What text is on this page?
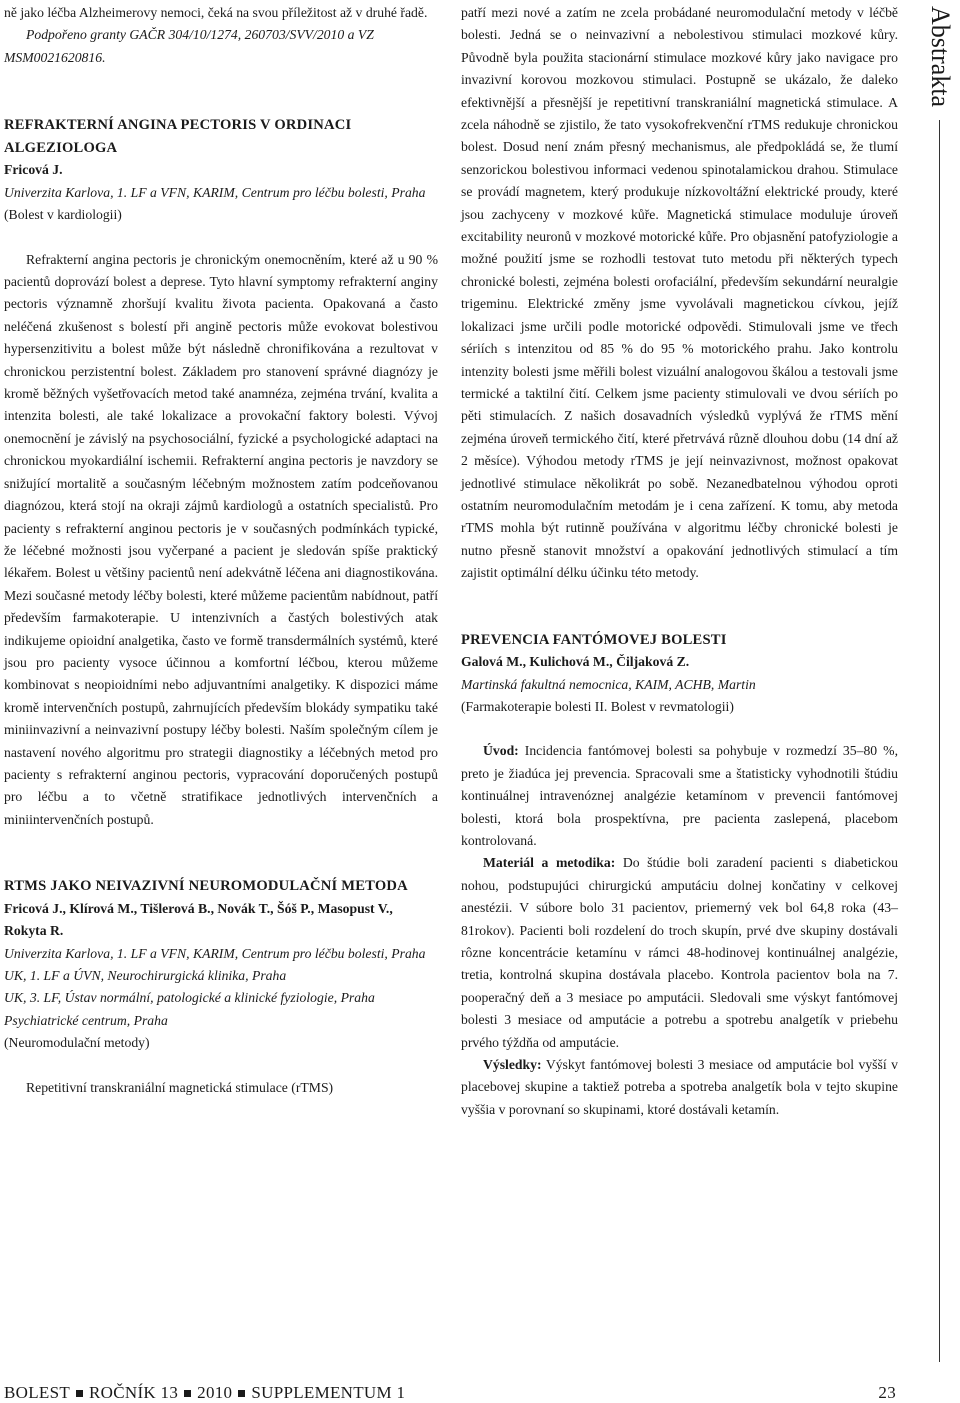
ně jako léčba Alzheimerovy nemoci, čeká na svou příležitost až v druhé řadě.

Podpořeno granty GAČR 304/10/1274, 260703/SVV/2010 a VZ MSM0021620816.

REFRAKTERNÍ ANGINA PECTORIS V ORDINACI ALGEZIOLOGA

Fricová J.

Univerzita Karlova, 1. LF a VFN, KARIM, Centrum pro léčbu bolesti, Praha

(Bolest v kardiologii)

Refrakterní angina pectoris je chronickým onemocněním, které až u 90 % pacientů doprovází bolest a deprese. Tyto hlavní symptomy refrakterní anginy pectoris významně zhoršují kvalitu života pacienta. Opakovaná a často neléčená zkušenost s bolestí při angině pectoris může evokovat bolestivou hypersenzitivitu a bolest může být následně chronifikována a rezultovat v chronickou perzistentní bolest. Základem pro stanovení správné diagnózy je kromě běžných vyšetřovacích metod také anamnéza, zejména trvání, kvalita a intenzita bolesti, ale také lokalizace a provokační faktory bolesti. Vývoj onemocnění je závislý na psychosociální, fyzické a psychologické adaptaci na chronickou myokardiální ischemii. Refrakterní angina pectoris je navzdory se snižující mortalitě a současným léčebným možnostem zatím podceňovanou diagnózou, která stojí na okraji zájmů kardiologů a ostatních specialistů. Pro pacienty s refrakterní anginou pectoris je v současných podmínkách typické, že léčebné možnosti jsou vyčerpané a pacient je sledován spíše praktický lékařem. Bolest u většiny pacientů není adekvátně léčena ani diagnostikována. Mezi současné metody léčby bolesti, které můžeme pacientům nabídnout, patří především farmakoterapie. U intenzivních a častých bolestivých atak indikujeme opioidní analgetika, často ve formě transdermálních systémů, které jsou pro pacienty vysoce účinnou a komfortní léčbou, kterou můžeme kombinovat s neopioidními nebo adjuvantními analgetiky. K dispozici máme kromě intervenčních postupů, zahrnujících především blokády sympatiku také miniinvazivní a neinvazivní postupy léčby bolesti. Naším společným cílem je nastavení nového algoritmu pro strategii diagnostiky a léčebných metod pro pacienty s refrakterní anginou pectoris, vypracování doporučených postupů pro léčbu a to včetně stratifikace jednotlivých intervenčních a miniintervenčních postupů.

RTMS JAKO NEIVAZIVNÍ NEUROMODULAČNÍ METODA

Fricová J., Klírová M., Tišlerová B., Novák T., Šóš P., Masopust V., Rokyta R.

Univerzita Karlova, 1. LF a VFN, KARIM, Centrum pro léčbu bolesti, Praha

UK, 1. LF a ÚVN, Neurochirurgická klinika, Praha

UK, 3. LF, Ústav normální, patologické a klinické fyziologie, Praha

Psychiatrické centrum, Praha

(Neuromodulační metody)

Repetitivní transkraniální magnetická stimulace (rTMS)

patří mezi nové a zatím ne zcela probádané neuromodulační metody v léčbě bolesti. Jedná se o neinvazivní a nebolestivou stimulaci mozkové kůry. Původně byla použita stacionární stimulace mozkové kůry jako navigace pro invazivní korovou mozkovou stimulaci. Postupně se ukázalo, že daleko efektivnější a přesnější je repetitivní transkraniální magnetická stimulace. A zcela náhodně se zjistilo, že tato vysokofrekvenční rTMS redukuje chronickou bolest. Dosud není znám přesný mechanismus, ale předpokládá se, že tlumí senzorickou bolestivou informaci vedenou spinotalamickou drahou. Stimulace se provádí magnetem, který produkuje nízkovoltážní elektrické proudy, které jsou zachyceny v mozkové kůře. Magnetická stimulace moduluje úroveň excitability neuronů v mozkové motorické kůře. Pro objasnění patofyziologie a možné použití jsme se rozhodli testovat tuto metodu při některých typech chronické bolesti, zejména bolesti orofaciální, především sekundární neuralgie trigeminu. Elektrické změny jsme vyvolávali magnetickou cívkou, jejíž lokalizaci jsme určili podle motorické odpovědi. Stimulovali jsme ve třech sériích s intenzitou od 85 % do 95 % motorického prahu. Jako kontrolu intenzity bolesti jsme měřili bolest vizuální analogovou škálou a testovali jsme termické a taktilní čití. Celkem jsme pacienty stimulovali ve dvou sériích po pěti stimulacích. Z našich dosavadních výsledků vyplývá že rTMS mění zejména úroveň termického čití, které přetrvává různě dlouhou dobu (14 dní až 2 měsíce). Výhodou metody rTMS je její neinvazivnost, možnost opakovat jednotlivé stimulace několikrát po sobě. Nezanedbatelnou výhodou oproti ostatním neuromodulačním metodám je i cena zařízení. K tomu, aby metoda rTMS mohla být rutinně používána v algoritmu léčby chronické bolesti je nutno přesně stanovit množství a opakování jednotlivých stimulací a tím zajistit optimální délku účinku této metody.

PREVENCIA FANTÓMOVEJ BOLESTI

Galová M., Kulichová M., Čiljaková Z.

Martinská fakultná nemocnica, KAIM, ACHB, Martin

(Farmakoterapie bolesti II. Bolest v revmatologii)

Úvod: Incidencia fantómovej bolesti sa pohybuje v rozmedzí 35–80 %, preto je žiadúca jej prevencia. Spracovali sme a štatisticky vyhodnotili štúdiu kontinuálnej intravenóznej analgézie ketamínom v prevencii fantómovej bolesti, ktorá bola prospektívna, pre pacienta zaslepená, placebom kontrolovaná.

Materiál a metodika: Do štúdie boli zaradení pacienti s diabetickou nohou, podstupujúci chirurgickú amputáciu dolnej končatiny v celkovej anestézii. V súbore bolo 31 pacientov, priemerný vek bol 64,8 roka (43–81rokov). Pacienti boli rozdelení do troch skupín, prvé dve skupiny dostávali rôzne koncentrácie ketamínu v rámci 48-hodinovej kontinuálnej analgézie, tretia, kontrolná skupina dostávala placebo. Kontrola pacientov bola na 7. pooperačný deň a 3 mesiace po amputácii. Sledovali sme výskyt fantómovej bolesti 3 mesiace od amputácie a potrebu a spotrebu analgetík v priebehu prvého týždňa od amputácie.

Výsledky: Výskyt fantómovej bolesti 3 mesiace od amputácie bol vyšší v placebovej skupine a taktiež potreba a spotreba analgetík bola v tejto skupine vyššia v porovnaní so skupinami, ktoré dostávali ketamín.

Abstrakta
BOLEST ROČNÍK 13 2010 SUPPLEMENTUM 1	23
